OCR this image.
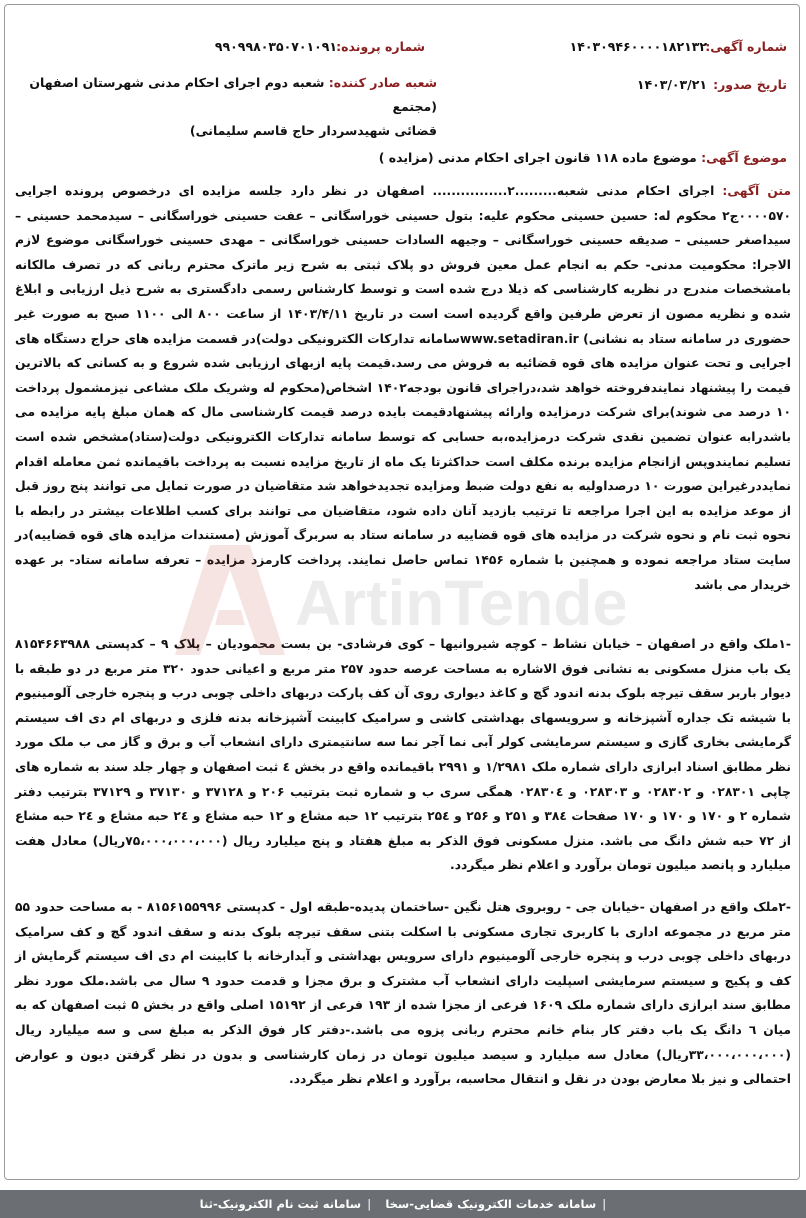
شماره آگهی:
۱۴۰۳۰۹۴۶۰۰۰۰۱۸۲۱۳۲
شماره پرونده:
۹۹۰۹۹۸۰۳۵۰۷۰۱۰۹۱
تاریخ صدور:
۱۴۰۳/۰۳/۲۱
شعبه صادر کننده: شعبه دوم اجرای احکام مدنی شهرستان اصفهان (مجتمع
قضائی شهیدسردار حاج قاسم سلیمانی)
موضوع آگهی: موضوع ماده ۱۱۸ قانون اجرای احکام مدنی (مزایده )
متن آگهی: اجرای احکام مدنی شعبه.........۲................ اصفهان در نظر دارد جلسه مزایده ای درخصوص پرونده اجرایی ۰۰۰۰۵۷۰ج۲ محکوم له: حسین حسینی محکوم علیه: بتول حسینی خوراسگانی – عفت حسینی خوراسگانی – سیدمحمد حسینی – سیداصغر حسینی – صدیقه حسینی خوراسگانی – وجیهه السادات حسینی خوراسگانی – مهدی حسینی خوراسگانی موضوع لازم الاجرا: محکومیت مدنی- حکم به انجام عمل معین فروش دو پلاک ثبتی به شرح زیر ماترک محترم ربانی که در تصرف مالکانه بامشخصات مندرج در نظریه کارشناسی که ذیلا درج شده است و توسط کارشناس رسمی دادگستری به شرح ذیل ارزیابی و ابلاغ شده و نظریه مصون از تعرض طرفین واقع گردیده است است در تاریخ ۱۴۰۳/۴/۱۱ از ساعت ۸۰۰ الی ۱۱۰۰ صبح به صورت غیر حضوری در سامانه ستاد به نشانی) www.setadiran.irسامانه تدارکات الکترونیکی دولت)در قسمت مزایده های حراج دستگاه های اجرایی و تحت عنوان مزایده های قوه قضائیه به فروش می رسد.قیمت پایه ازبهای ارزیابی شده شروع و به کسانی که بالاترین قیمت را پیشنهاد نمایندفروخته خواهد شد،دراجرای قانون بودجه۱۴۰۲ اشخاص(محکوم له وشریک ملک مشاعی نیزمشمول پرداخت ۱۰ درصد می شوند)برای شرکت درمزایده وارائه پیشنهادقیمت بایده درصد قیمت کارشناسی مال که همان مبلغ پایه مزایده می باشدرابه عنوان تضمین نقدی شرکت درمزایده،به حسابی که توسط سامانه تدارکات الکترونیکی دولت(ستاد)مشخص شده است تسلیم نمایندوپس ازانجام مزایده برنده مکلف است حداکثرتا یک ماه از تاریخ مزایده نسبت به پرداخت باقیمانده ثمن معامله اقدام نمایددرغیراین صورت ۱۰ درصداولیه به نفع دولت ضبط ومزایده تجدیدخواهد شد متقاضیان در صورت تمایل می توانند پنج روز قبل از موعد مزایده به این اجرا مراجعه تا ترتیب بازدید آنان داده شود، متقاضیان می توانند برای کسب اطلاعات بیشتر در رابطه با نحوه ثبت نام و نحوه شرکت در مزایده های قوه قضاییه در سامانه ستاد به سربرگ آموزش (مستندات مزایده های قوه قضاییه)در سایت ستاد مراجعه نموده و همچنین با شماره ۱۴۵۶ تماس حاصل نمایند. پرداخت کارمزد مزایده – تعرفه سامانه ستاد- بر عهده خریدار می باشد
-۱ملک واقع در اصفهان – خیابان نشاط – کوچه شیروانیها – کوی فرشادی- بن بست محمودیان – پلاک ۹ – کدپستی ۸۱۵۴۶۶۳۹۸۸ یک باب منزل مسکونی به نشانی فوق الاشاره به مساحت عرصه حدود ۲۵۷ متر مربع و اعیانی حدود ۳۲۰ متر مربع در دو طبقه با دیوار باربر سقف تیرچه بلوک بدنه اندود گچ و کاغذ دیواری روی آن کف پارکت دربهای داخلی چوبی درب و پنجره خارجی آلومینیوم با شیشه تک جداره آشپزخانه و سرویسهای بهداشتی کاشی و سرامیک کابینت آشپزخانه بدنه فلزی و دربهای ام دی اف سیستم گرمایشی بخاری گازی و سیستم سرمایشی کولر آبی نما آجر نما سه سانتیمتری دارای انشعاب آب و برق و گاز می ب ملک مورد نظر مطابق اسناد ابرازی دارای شماره ملک ۱/۲۹۸۱ و ۲۹۹۱ باقیمانده واقع در بخش ٤ ثبت اصفهان و چهار جلد سند به شماره های چاپی ۰۲۸۳۰۱ و ۰۲۸۳۰۲ و ۰۲۸۳۰۳ و ۰۲۸۳۰٤ همگی سری ب و شماره ثبت بترتیب ۲۰۶ و ۳۷۱۲۸ و ۳۷۱۳۰ و ۳۷۱۲۹ بترتیب دفتر شماره ۲ و ۱۷۰ و ۱۷۰ و ۱۷۰ صفحات ۳۸٤ و ۲۵۱ و ۲۵۶ و ۲۵٤ بترتیب ۱۲ حبه مشاع و ۱۲ حبه مشاع و ۲٤ حبه مشاع و ۲٤ حبه مشاع از ۷۲ حبه شش دانگ می باشد. منزل مسکونی فوق الذکر به مبلغ هفتاد و پنج میلیارد ریال (۷۵،۰۰۰،۰۰۰،۰۰۰ریال) معادل هفت میلیارد و پانصد میلیون تومان برآورد و اعلام نظر میگردد.
-۲ملک واقع در اصفهان -خیابان جی - روبروی هتل نگین -ساختمان پدیده-طبقه اول - کدپستی ۸۱۵۶۱۵۵۹۹۶ - به مساحت حدود ۵۵ متر مربع در مجموعه اداری با کاربری تجاری مسکونی با اسکلت بتنی سقف تیرچه بلوک بدنه و سقف اندود گچ و کف سرامیک دربهای داخلی چوبی درب و پنجره خارجی آلومینیوم دارای سرویس بهداشتی و آبدارخانه با کابینت ام دی اف سیستم گرمایش از کف و پکیج و سیستم سرمایشی اسپلیت دارای انشعاب آب مشترک و برق مجزا و قدمت حدود ۹ سال می باشد.ملک مورد نظر مطابق سند ابرازی دارای شماره ملک ۱۶۰۹ فرعی از مجزا شده از ۱۹۳ فرعی از ۱۵۱۹۲ اصلی واقع در بخش ۵ ثبت اصفهان که به میان ٦ دانگ یک باب دفتر کار بنام خانم محترم ربانی پزوه می باشد.-دفتر کار فوق الذکر به مبلغ سی و سه میلیارد ریال (۳۳،۰۰۰،۰۰۰،۰۰۰ریال) معادل سه میلیارد و سیصد میلیون تومان در زمان کارشناسی و بدون در نظر گرفتن دیون و عوارض احتمالی و نیز بلا معارض بودن در نقل و انتقال محاسبه، برآورد و اعلام نظر میگردد.
ArtinTender
|
سامانه خدمات الکترونیک قضایی-سخا
|
سامانه ثبت نام الکترونیک-ثنا
